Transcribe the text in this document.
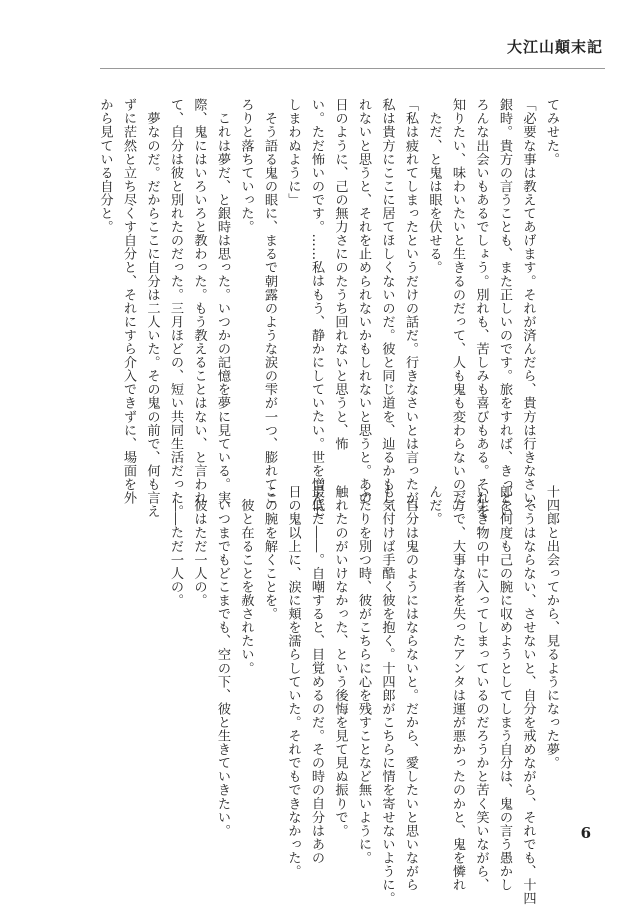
大江山顛末記
てみせた。
「必要な事は教えてあげます。それが済んだら、貴方は行きなさい、
銀時。貴方の言うことも、また正しいのです。旅をすれば、きっとい
ろんな出会いもあるでしょう。別れも、苦しみも喜びもある。それを
知りたい、味わいたいと生きるのだって、人も鬼も変わらないのだ」
　ただ、と鬼は眼を伏せる。
「私は疲れてしまったというだけの話だ。行きなさいとは言ったが、
私は貴方にここに居てほしくないのだ。彼と同じ道を、辿るかもし
れないと思うと、それを止められないかもしれないと思うと。あの
日のように、己の無力さにのたうち回れないと思うと、怖
い。ただ怖いのです。……私はもう、静かにしていたい。世を憎んで
しまわぬように」
　そう語る鬼の眼に、まるで朝露のような涙の雫が一つ、膨れてこ
ろりと落ちていった。
　これは夢だ、と銀時は思った。いつかの記憶を夢に見ている。実
際、鬼にはいろいろと教わった。もう教えることはない、と言われ
て、自分は彼と別れたのだった。三月ほどの、短い共同生活だった。
　夢なのだ。だからここに自分は二人いた。その鬼の前で、何も言え
ずに茫然と立ち尽くす自分と、それにすら介入できずに、場面を外
から見ている自分と。
十四郎と出会ってから、見るようになった夢。
　そうはならない、させないと、自分を戒めながら、それでも、十四
郎を何度も己の腕に収めようとしてしまう自分は、鬼の言う愚かし
い生き物の中に入ってしまっているのだろうかと苦く笑いながら、
一方で、大事な者を失ったアンタは運が悪かったのかと、鬼を憐れ
んだ。
　自分は鬼のようにはならないと。だから、愛したいと思いながら
も気付けば手酷く彼を抱く。十四郎がこちらに情を寄せないように。
ふたりを別つ時、彼がこちらに心を残すことなど無いように。
触れたのがいけなかった、という後悔を見て見ぬ振りで。
最低だ――。自嘲すると、目覚めるのだ。その時の自分はあの
日の鬼以上に、涙に頬を濡らしていた。それでもできなかった。
この腕を解くことを。
　彼と在ることを赦されたい。
　いつまでもどこまでも、空の下、彼と生きていきたい。
　彼はただ一人の。
　――ただ一人の。
6
